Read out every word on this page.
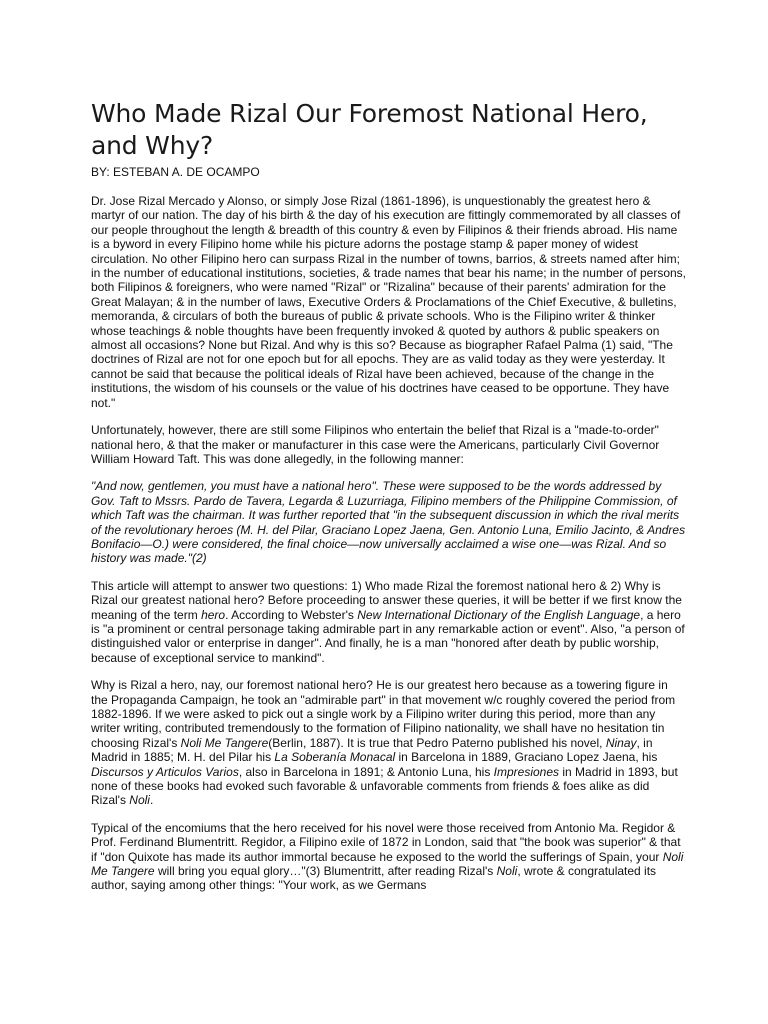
Who Made Rizal Our Foremost National Hero,
and Why?
BY: ESTEBAN A. DE OCAMPO

Dr. Jose Rizal Mercado y Alonso, or simply Jose Rizal (1861-1896), is unquestionably the greatest hero & martyr of our nation. The day of his birth & the day of his execution are fittingly commemorated by all classes of our people throughout the length & breadth of this country & even by Filipinos & their friends abroad. His name is a byword in every Filipino home while his picture adorns the postage stamp & paper money of widest circulation. No other Filipino hero can surpass Rizal in the number of towns, barrios, & streets named after him; in the number of educational institutions, societies, & trade names that bear his name; in the number of persons, both Filipinos & foreigners, who were named "Rizal" or "Rizalina" because of their parents' admiration for the Great Malayan; & in the number of laws, Executive Orders & Proclamations of the Chief Executive, & bulletins, memoranda, & circulars of both the bureaus of public & private schools. Who is the Filipino writer & thinker whose teachings & noble thoughts have been frequently invoked & quoted by authors & public speakers on almost all occasions? None but Rizal. And why is this so? Because as biographer Rafael Palma (1) said, "The doctrines of Rizal are not for one epoch but for all epochs. They are as valid today as they were yesterday. It cannot be said that because the political ideals of Rizal have been achieved, because of the change in the institutions, the wisdom of his counsels or the value of his doctrines have ceased to be opportune. They have not."

Unfortunately, however, there are still some Filipinos who entertain the belief that Rizal is a "made-to-order" national hero, & that the maker or manufacturer in this case were the Americans, particularly Civil Governor William Howard Taft. This was done allegedly, in the following manner:

"And now, gentlemen, you must have a national hero". These were supposed to be the words addressed by Gov. Taft to Mssrs. Pardo de Tavera, Legarda & Luzurriaga, Filipino members of the Philippine Commission, of which Taft was the chairman. It was further reported that "in the subsequent discussion in which the rival merits of the revolutionary heroes (M. H. del Pilar, Graciano Lopez Jaena, Gen. Antonio Luna, Emilio Jacinto, & Andres Bonifacio—O.) were considered, the final choice—now universally acclaimed a wise one—was Rizal. And so history was made."(2)

This article will attempt to answer two questions: 1) Who made Rizal the foremost national hero & 2) Why is Rizal our greatest national hero? Before proceeding to answer these queries, it will be better if we first know the meaning of the term hero. According to Webster's New International Dictionary of the English Language, a hero is "a prominent or central personage taking admirable part in any remarkable action or event". Also, "a person of distinguished valor or enterprise in danger". And finally, he is a man "honored after death by public worship, because of exceptional service to mankind".

Why is Rizal a hero, nay, our foremost national hero? He is our greatest hero because as a towering figure in the Propaganda Campaign, he took an "admirable part" in that movement w/c roughly covered the period from 1882-1896. If we were asked to pick out a single work by a Filipino writer during this period, more than any writer writing, contributed tremendously to the formation of Filipino nationality, we shall have no hesitation tin choosing Rizal's Noli Me Tangere(Berlin, 1887). It is true that Pedro Paterno published his novel, Ninay, in Madrid in 1885; M. H. del Pilar his La Soberanía Monacal in Barcelona in 1889, Graciano Lopez Jaena, his Discursos y Articulos Varios, also in Barcelona in 1891; & Antonio Luna, his Impresiones in Madrid in 1893, but none of these books had evoked such favorable & unfavorable comments from friends & foes alike as did Rizal's Noli.

Typical of the encomiums that the hero received for his novel were those received from Antonio Ma. Regidor & Prof. Ferdinand Blumentritt. Regidor, a Filipino exile of 1872 in London, said that "the book was superior" & that if "don Quixote has made its author immortal because he exposed to the world the sufferings of Spain, your Noli Me Tangere will bring you equal glory…"(3) Blumentritt, after reading Rizal's Noli, wrote & congratulated its author, saying among other things: "Your work, as we Germans
